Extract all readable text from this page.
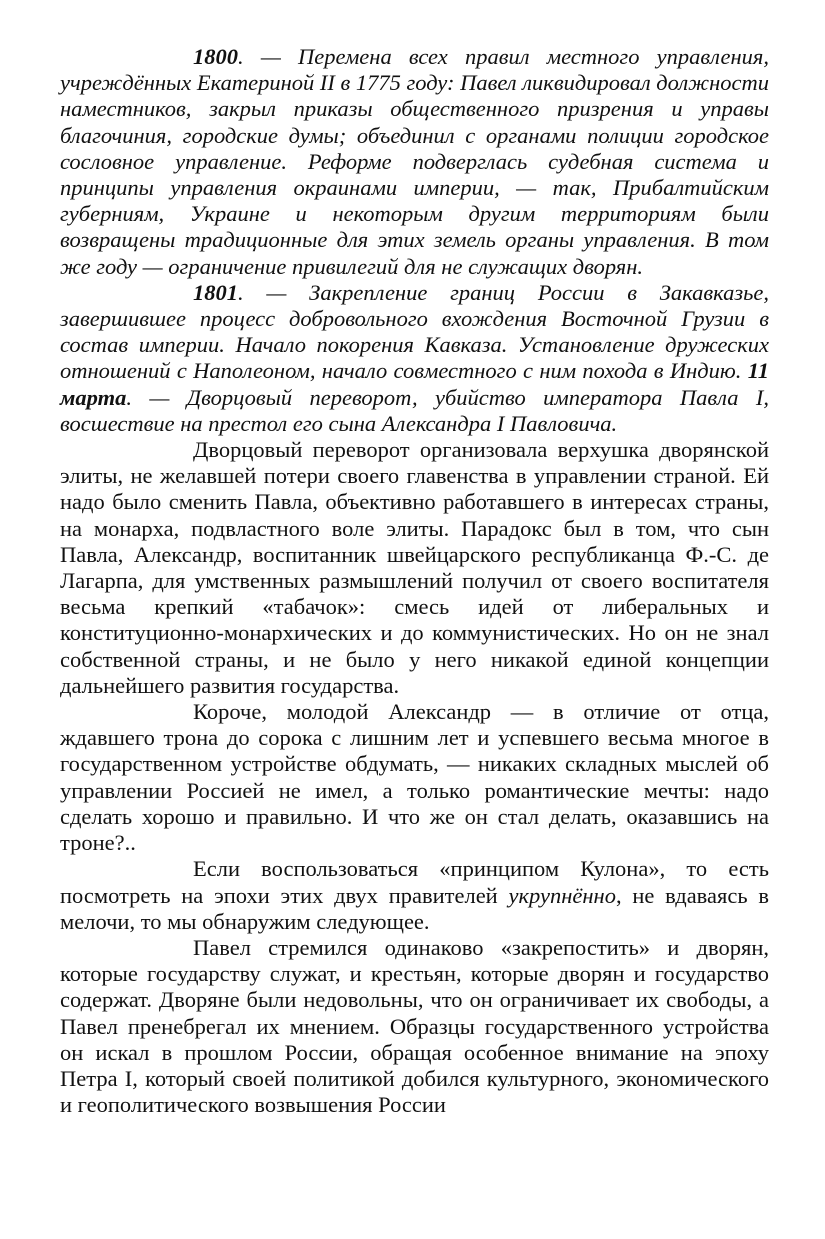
1800. — Перемена всех правил местного управления, учреждённых Екатериной II в 1775 году: Павел ликвидировал должности наместников, закрыл приказы общественного призрения и управы благочиния, городские думы; объединил с органами полиции городское сословное управление. Реформе подверглась судебная система и принципы управления окраинами империи, — так, Прибалтийским губерниям, Украине и некоторым другим территориям были возвращены традиционные для этих земель органы управления. В том же году — ограничение привилегий для не служащих дворян.

1801. — Закрепление границ России в Закавказье, завершившее процесс добровольного вхождения Восточной Грузии в состав империи. Начало покорения Кавказа. Установление дружеских отношений с Наполеоном, начало совместного с ним похода в Индию. 11 марта. — Дворцовый переворот, убийство императора Павла I, восшествие на престол его сына Александра I Павловича.

Дворцовый переворот организовала верхушка дворянской элиты, не желавшей потери своего главенства в управлении страной. Ей надо было сменить Павла, объективно работавшего в интересах страны, на монарха, подвластного воле элиты. Парадокс был в том, что сын Павла, Александр, воспитанник швейцарского республиканца Ф.-С. де Лагарпа, для умственных размышлений получил от своего воспитателя весьма крепкий «табачок»: смесь идей от либеральных и конституционно-монархических и до коммунистических. Но он не знал собственной страны, и не было у него никакой единой концепции дальнейшего развития государства.

Короче, молодой Александр — в отличие от отца, ждавшего трона до сорока с лишним лет и успевшего весьма многое в государственном устройстве обдумать, — никаких складных мыслей об управлении Россией не имел, а только романтические мечты: надо сделать хорошо и правильно. И что же он стал делать, оказавшись на троне?..

Если воспользоваться «принципом Кулона», то есть посмотреть на эпохи этих двух правителей укрупнённо, не вдаваясь в мелочи, то мы обнаружим следующее.

Павел стремился одинаково «закрепостить» и дворян, которые государству служат, и крестьян, которые дворян и государство содержат. Дворяне были недовольны, что он ограничивает их свободы, а Павел пренебрегал их мнением. Образцы государственного устройства он искал в прошлом России, обращая особенное внимание на эпоху Петра I, который своей политикой добился культурного, экономического и геополитического возвышения России
